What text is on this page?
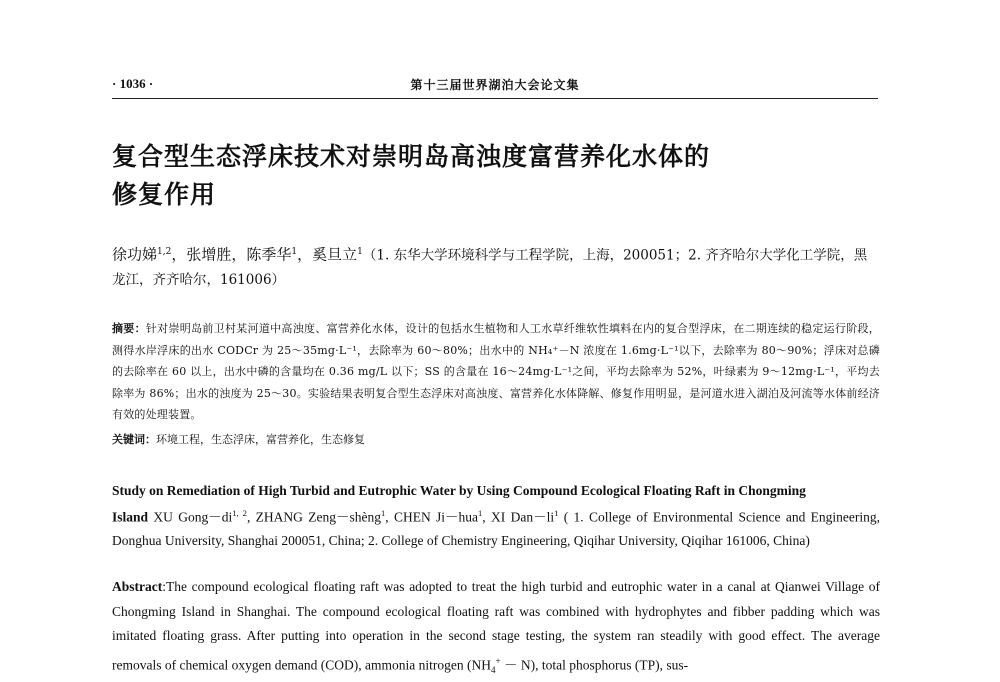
· 1036 ·	第十三届世界湖泊大会论文集
复合型生态浮床技术对崇明岛高浊度富营养化水体的
修复作用
徐功娣$^{1,2}$，张增胜，陈季华$^1$，奚旦立$^1$（1. 东华大学环境科学与工程学院，上海，200051；2. 齐齐哈尔大学化工学院，黑
龙江，齐齐哈尔，161006）
摘要：针对崇明岛前卫村某河道中高浊度、富营养化水体，设计的包括水生植物和人工水草纤维软性填料在内的复合型浮床，在二期连续的稳定运行阶段，测得水岸浮床的出水 CODCr 为 25～35mg·L⁻¹，去除率为 60～80%；出水中的 NH₄⁺－N 浓度在 1.6mg·L⁻¹以下，去除率为 80～90%；浮床对总磷的去除率在 60 以上，出水中磷的含量均在 0.36 mg/L 以下；SS 的含量在 16～24mg·L⁻¹之间，平均去除率为 52%，叶绿素为 9～12mg·L⁻¹，平均去除率为 86%；出水的浊度为 25～30。实验结果表明复合型生态浮床对高浊度、富营养化水体降解、修复作用明显，是河道水进入湖泊及河流等水体前经济有效的处理装置。
关键词：环境工程，生态浮床，富营养化，生态修复
Study on Remediation of High Turbid and Eutrophic Water by Using Compound Ecological Floating Raft in Chongming
Island XU Gong－di$^{1, 2}$, ZHANG Zeng－shèng$^1$, CHEN Ji－hua$^1$, XI $Dan-li^1$ ( 1. College of Environmental Science and Engineering, Donghua University, Shanghai 200051, China; 2. College of Chemistry Engineering, Qiqihar University, Qiqihar 161006, China)
Abstract:The compound ecological floating raft was adopted to treat the high turbid and eutrophic water in a canal at Qianwei Village of Chongming Island in Shanghai. The compound ecological floating raft was combined with hydrophytes and fibber padding which was imitated floating grass. After putting into operation in the second stage testing, the system ran steadily with good effect. The average removals of chemical oxygen demand (COD), ammonia nitrogen $(NH_4^+ - N)$, total phosphorus (TP), sus-
